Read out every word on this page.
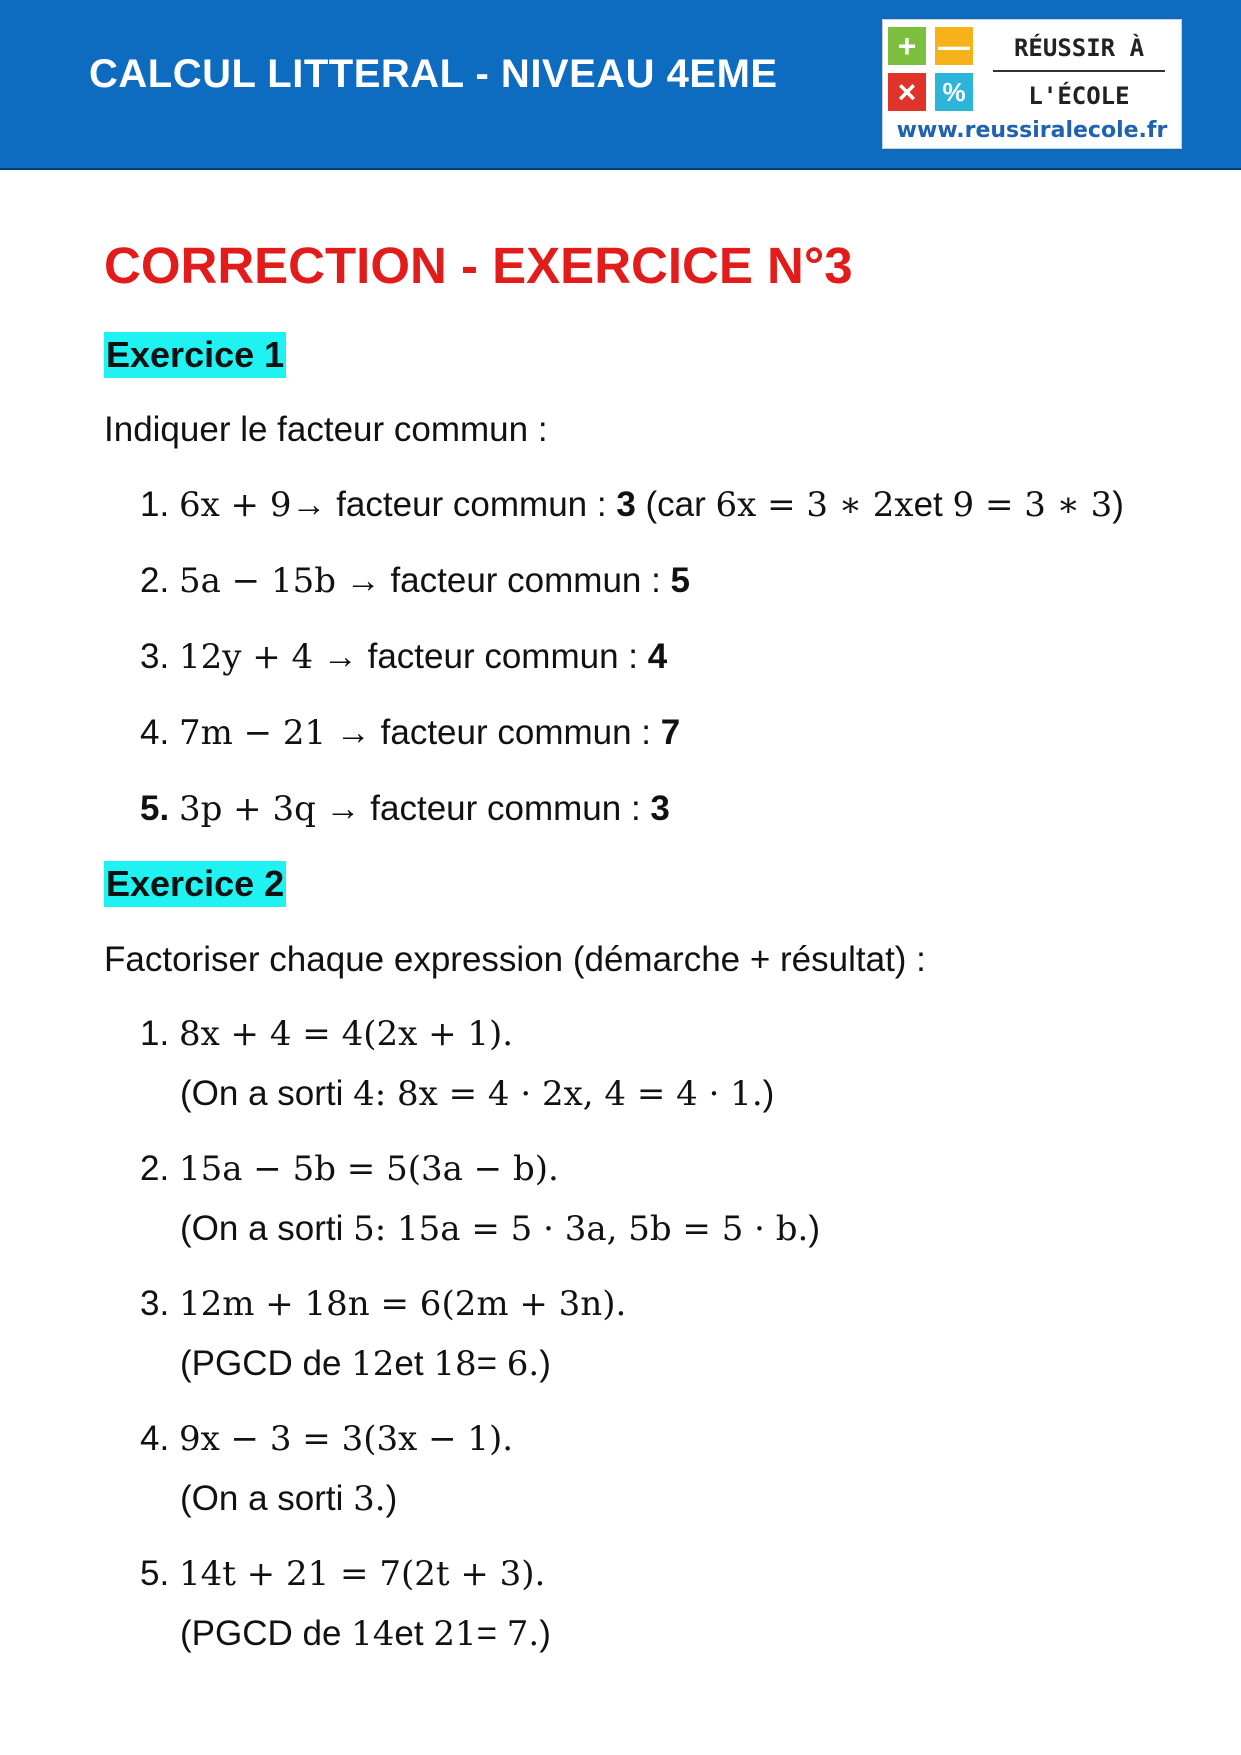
CALCUL LITTERAL - NIVEAU 4EME
+ —
×	%
RÉUSSIR À
L'ÉCOLE
www.reussiralecole.fr
CORRECTION - EXERCICE N°3
Exercice 1

Indiquer le facteur commun :

1. 6x + 9→ facteur commun : 3 (car 6x = 3 ∗ 2xet 9 = 3 ∗ 3)
2. 5a − 15b → facteur commun : 5
3. 12y + 4 → facteur commun : 4
4. 7m − 21 → facteur commun : 7
5. 3p + 3q → facteur commun : 3
Exercice 2

Factoriser chaque expression (démarche + résultat) :

1. 8x + 4 = 4(2x + 1).
(On a sorti 4: 8x = 4 · 2x, 4 = 4 · 1.)
2. 15a − 5b = 5(3a − b).
(On a sorti 5: 15a = 5 · 3a, 5b = 5 · b.)
3. 12m + 18n = 6(2m + 3n).
(PGCD de 12et 18= 6.)
4. 9x − 3 = 3(3x − 1).
(On a sorti 3.)
5. 14t + 21 = 7(2t + 3).
(PGCD de 14et 21= 7.)
